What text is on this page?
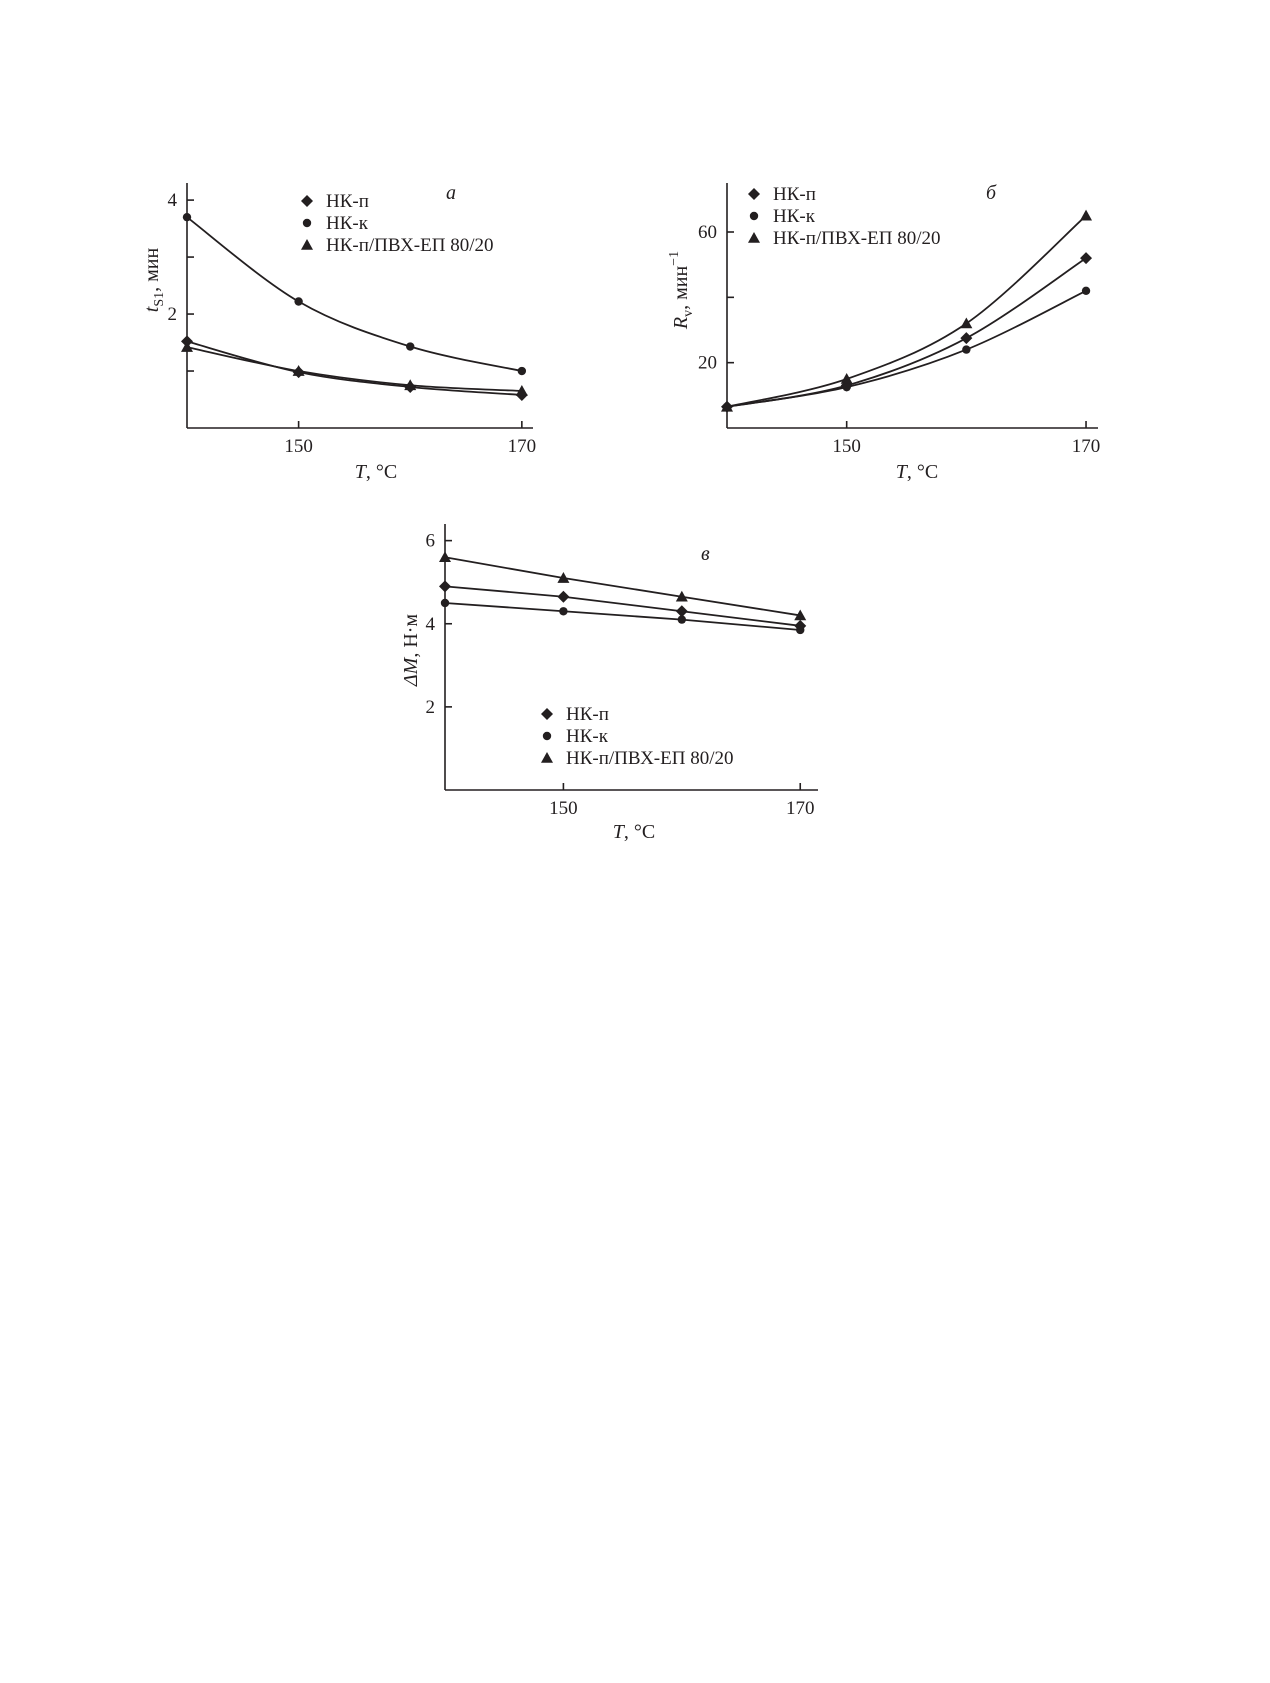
2
4
150	170
T, °C
$t_{S1}$, мин
а
НК-п
НК-к
НК-п/ПВХ-ЕП 80/20
20
60
150	170
T, °C
$R_v$, мин$^{-1}$
б
НК-п
НК-к
НК-п/ПВХ-ЕП 80/20
2
4
6
150	170
T, °C
ΔM, Н·м
в
НК-п
НК-к
НК-п/ПВХ-ЕП 80/20
